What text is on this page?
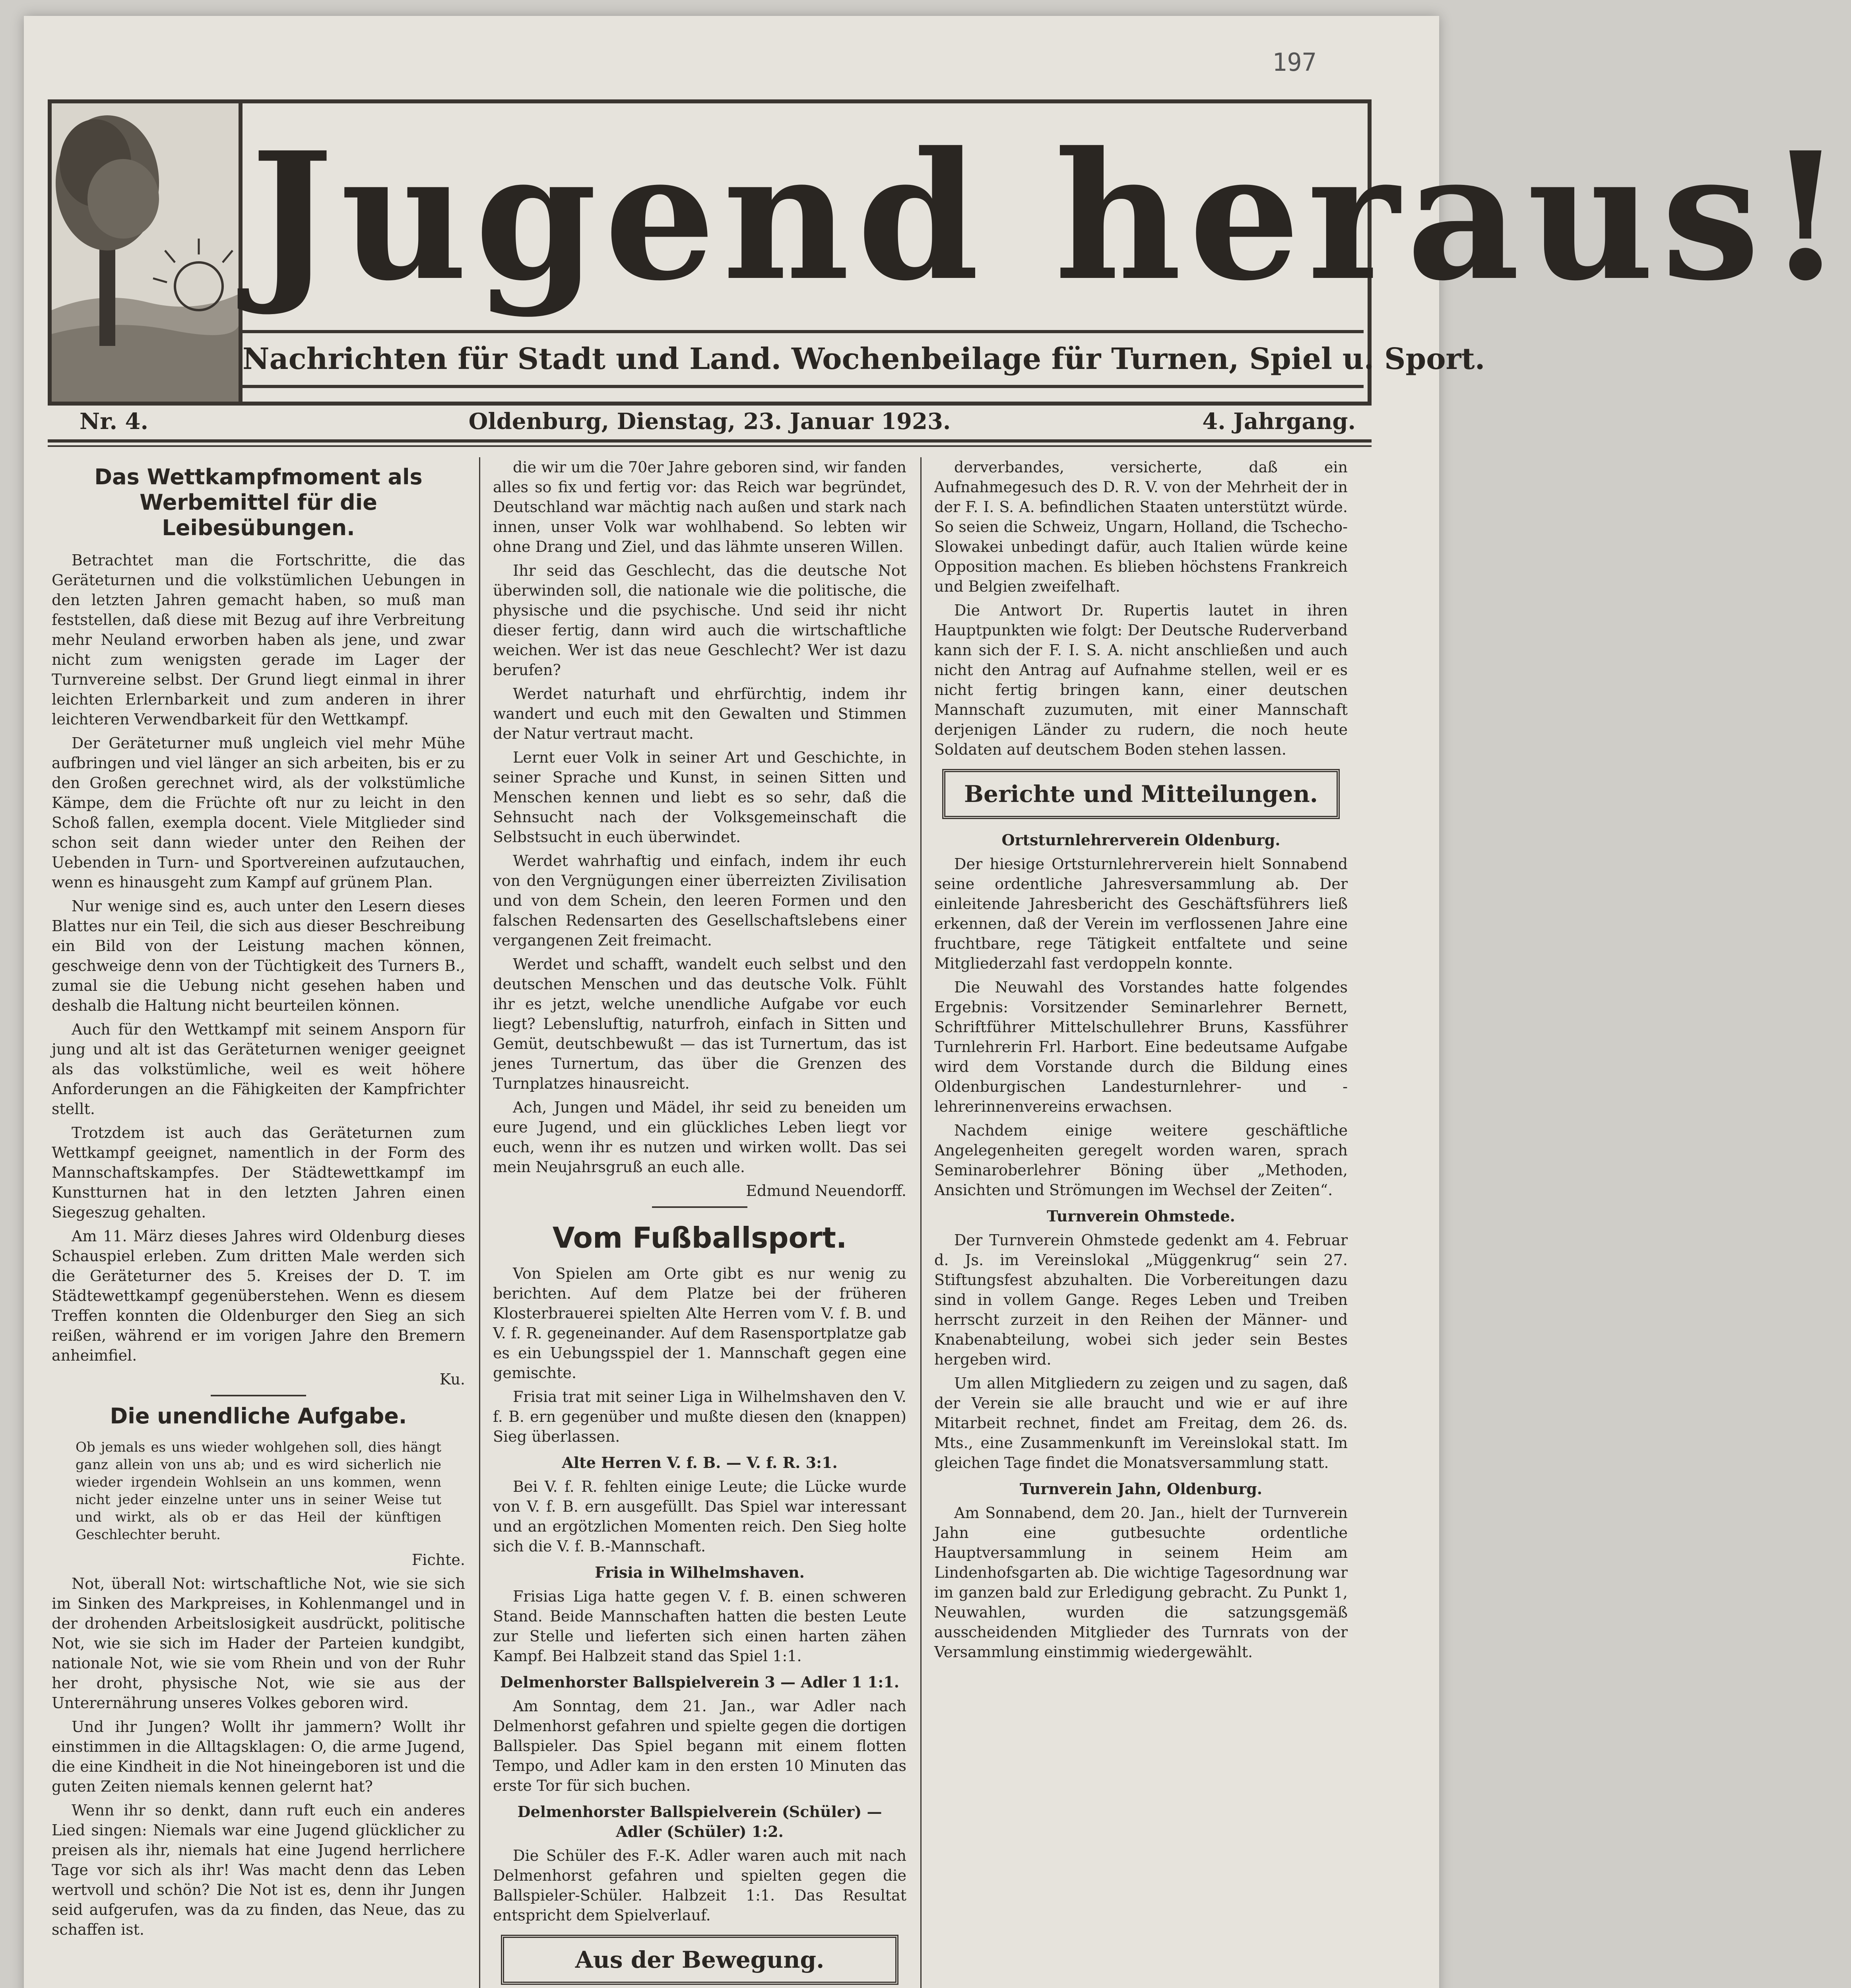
197
Jugend heraus!
Nachrichten für Stadt und Land. Wochenbeilage für Turnen, Spiel u. Sport.
Nr. 4.	Oldenburg, Dienstag, 23. Januar 1923.	4. Jahrgang.
Das Wettkampfmoment als Werbemittel für die Leibesübungen.

Betrachtet man die Fortschritte, die das Geräteturnen und die volkstümlichen Uebungen in den letzten Jahren gemacht haben, so muß man feststellen, daß diese mit Bezug auf ihre Verbreitung mehr Neuland erworben haben als jene, und zwar nicht zum wenigsten gerade im Lager der Turnvereine selbst. Der Grund liegt einmal in ihrer leichten Erlernbarkeit und zum anderen in ihrer leichteren Verwendbarkeit für den Wettkampf.

Der Geräteturner muß ungleich viel mehr Mühe aufbringen und viel länger an sich arbeiten, bis er zu den Großen gerechnet wird, als der volkstümliche Kämpe, dem die Früchte oft nur zu leicht in den Schoß fallen, exempla docent. Viele Mitglieder sind schon seit dann wieder unter den Reihen der Uebenden in Turn- und Sportvereinen aufzutauchen, wenn es hinausgeht zum Kampf auf grünem Plan.

Nur wenige sind es, auch unter den Lesern dieses Blattes nur ein Teil, die sich aus dieser Beschreibung ein Bild von der Leistung machen können, geschweige denn von der Tüchtigkeit des Turners B., zumal sie die Uebung nicht gesehen haben und deshalb die Haltung nicht beurteilen können.

Auch für den Wettkampf mit seinem Ansporn für jung und alt ist das Geräteturnen weniger geeignet als das volkstümliche, weil es weit höhere Anforderungen an die Fähigkeiten der Kampfrichter stellt.

Trotzdem ist auch das Geräteturnen zum Wettkampf geeignet, namentlich in der Form des Mannschaftskampfes. Der Städtewettkampf im Kunstturnen hat in den letzten Jahren einen Siegeszug gehalten.

Am 11. März dieses Jahres wird Oldenburg dieses Schauspiel erleben. Zum dritten Male werden sich die Geräteturner des 5. Kreises der D. T. im Städtewettkampf gegenüberstehen. Wenn es diesem Treffen konnten die Oldenburger den Sieg an sich reißen, während er im vorigen Jahre den Bremern anheimfiel.

Ku.

Die unendliche Aufgabe.

Ob jemals es uns wieder wohlgehen soll, dies hängt ganz allein von uns ab; und es wird sicherlich nie wieder irgendein Wohlsein an uns kommen, wenn nicht jeder einzelne unter uns in seiner Weise tut und wirkt, als ob er das Heil der künftigen Geschlechter beruht.

Fichte.

Not, überall Not: wirtschaftliche Not, wie sie sich im Sinken des Markpreises, in Kohlenmangel und in der drohenden Arbeitslosigkeit ausdrückt, politische Not, wie sie sich im Hader der Parteien kundgibt, nationale Not, wie sie vom Rhein und von der Ruhr her droht, physische Not, wie sie aus der Unterernährung unseres Volkes geboren wird.

Und ihr Jungen? Wollt ihr jammern? Wollt ihr einstimmen in die Alltagsklagen: O, die arme Jugend, die eine Kindheit in die Not hineingeboren ist und die guten Zeiten niemals kennen gelernt hat?

Wenn ihr so denkt, dann ruft euch ein anderes Lied singen: Niemals war eine Jugend glücklicher zu preisen als ihr, niemals hat eine Jugend herrlichere Tage vor sich als ihr! Was macht denn das Leben wertvoll und schön? Die Not ist es, denn ihr Jungen seid aufgerufen, was da zu finden, das Neue, das zu schaffen ist.

die wir um die 70er Jahre geboren sind, wir fanden alles so fix und fertig vor: das Reich war begründet, Deutschland war mächtig nach außen und stark nach innen, unser Volk war wohlhabend. So lebten wir ohne Drang und Ziel, und das lähmte unseren Willen.

Ihr seid das Geschlecht, das die deutsche Not überwinden soll, die nationale wie die politische, die physische und die psychische. Und seid ihr nicht dieser fertig, dann wird auch die wirtschaftliche weichen. Wer ist das neue Geschlecht? Wer ist dazu berufen?

Werdet naturhaft und ehrfürchtig, indem ihr wandert und euch mit den Gewalten und Stimmen der Natur vertraut macht.

Lernt euer Volk in seiner Art und Geschichte, in seiner Sprache und Kunst, in seinen Sitten und Menschen kennen und liebt es so sehr, daß die Sehnsucht nach der Volksgemeinschaft die Selbstsucht in euch überwindet.

Werdet wahrhaftig und einfach, indem ihr euch von den Vergnügungen einer überreizten Zivilisation und von dem Schein, den leeren Formen und den falschen Redensarten des Gesellschaftslebens einer vergangenen Zeit freimacht.

Werdet und schafft, wandelt euch selbst und den deutschen Menschen und das deutsche Volk. Fühlt ihr es jetzt, welche unendliche Aufgabe vor euch liegt? Lebensluftig, naturfroh, einfach in Sitten und Gemüt, deutschbewußt — das ist Turnertum, das ist jenes Turnertum, das über die Grenzen des Turnplatzes hinausreicht.

Ach, Jungen und Mädel, ihr seid zu beneiden um eure Jugend, und ein glückliches Leben liegt vor euch, wenn ihr es nutzen und wirken wollt. Das sei mein Neujahrsgruß an euch alle.

Edmund Neuendorff.

Vom Fußballsport.

Von Spielen am Orte gibt es nur wenig zu berichten. Auf dem Platze bei der früheren Klosterbrauerei spielten Alte Herren vom V. f. B. und V. f. R. gegeneinander. Auf dem Rasensportplatze gab es ein Uebungsspiel der 1. Mannschaft gegen eine gemischte.

Frisia trat mit seiner Liga in Wilhelmshaven den V. f. B. ern gegenüber und mußte diesen den (knappen) Sieg überlassen.

Alte Herren V. f. B. — V. f. R. 3:1.

Bei V. f. R. fehlten einige Leute; die Lücke wurde von V. f. B. ern ausgefüllt. Das Spiel war interessant und an ergötzlichen Momenten reich. Den Sieg holte sich die V. f. B.-Mannschaft.

Frisia in Wilhelmshaven.

Frisias Liga hatte gegen V. f. B. einen schweren Stand. Beide Mannschaften hatten die besten Leute zur Stelle und lieferten sich einen harten zähen Kampf. Bei Halbzeit stand das Spiel 1:1.

Delmenhorster Ballspielverein 3 — Adler 1 1:1.

Am Sonntag, dem 21. Jan., war Adler nach Delmenhorst gefahren und spielte gegen die dortigen Ballspieler. Das Spiel begann mit einem flotten Tempo, und Adler kam in den ersten 10 Minuten das erste Tor für sich buchen.

Delmenhorster Ballspielverein (Schüler) — Adler (Schüler) 1:2.

Die Schüler des F.-K. Adler waren auch mit nach Delmenhorst gefahren und spielten gegen die Ballspieler-Schüler. Halbzeit 1:1. Das Resultat entspricht dem Spielverlauf.

Aus der Bewegung.

derverbandes, versicherte, daß ein Aufnahmegesuch des D. R. V. von der Mehrheit der in der F. I. S. A. befindlichen Staaten unterstützt würde. So seien die Schweiz, Ungarn, Holland, die Tschecho-Slowakei unbedingt dafür, auch Italien würde keine Opposition machen. Es blieben höchstens Frankreich und Belgien zweifelhaft.

Die Antwort Dr. Rupertis lautet in ihren Hauptpunkten wie folgt: Der Deutsche Ruderverband kann sich der F. I. S. A. nicht anschließen und auch nicht den Antrag auf Aufnahme stellen, weil er es nicht fertig bringen kann, einer deutschen Mannschaft zuzumuten, mit einer Mannschaft derjenigen Länder zu rudern, die noch heute Soldaten auf deutschem Boden stehen lassen.

Berichte und Mitteilungen.
Ortsturnlehrerverein Oldenburg.

Der hiesige Ortsturnlehrerverein hielt Sonnabend seine ordentliche Jahresversammlung ab. Der einleitende Jahresbericht des Geschäftsführers ließ erkennen, daß der Verein im verflossenen Jahre eine fruchtbare, rege Tätigkeit entfaltete und seine Mitgliederzahl fast verdoppeln konnte.

Die Neuwahl des Vorstandes hatte folgendes Ergebnis: Vorsitzender Seminarlehrer Bernett, Schriftführer Mittelschullehrer Bruns, Kassführer Turnlehrerin Frl. Harbort. Eine bedeutsame Aufgabe wird dem Vorstande durch die Bildung eines Oldenburgischen Landesturnlehrer- und -lehrerinnenvereins erwachsen.

Nachdem einige weitere geschäftliche Angelegenheiten geregelt worden waren, sprach Seminaroberlehrer Böning über „Methoden, Ansichten und Strömungen im Wechsel der Zeiten“.

Turnverein Ohmstede.

Der Turnverein Ohmstede gedenkt am 4. Februar d. Js. im Vereinslokal „Müggenkrug“ sein 27. Stiftungsfest abzuhalten. Die Vorbereitungen dazu sind in vollem Gange. Reges Leben und Treiben herrscht zurzeit in den Reihen der Männer- und Knabenabteilung, wobei sich jeder sein Bestes hergeben wird.

Um allen Mitgliedern zu zeigen und zu sagen, daß der Verein sie alle braucht und wie er auf ihre Mitarbeit rechnet, findet am Freitag, dem 26. ds. Mts., eine Zusammenkunft im Vereinslokal statt. Im gleichen Tage findet die Monatsversammlung statt.

Turnverein Jahn, Oldenburg.

Am Sonnabend, dem 20. Jan., hielt der Turnverein Jahn eine gutbesuchte ordentliche Hauptversammlung in seinem Heim am Lindenhofsgarten ab. Die wichtige Tagesordnung war im ganzen bald zur Erledigung gebracht. Zu Punkt 1, Neuwahlen, wurden die satzungsgemäß ausscheidenden Mitglieder des Turnrats von der Versammlung einstimmig wiedergewählt.
